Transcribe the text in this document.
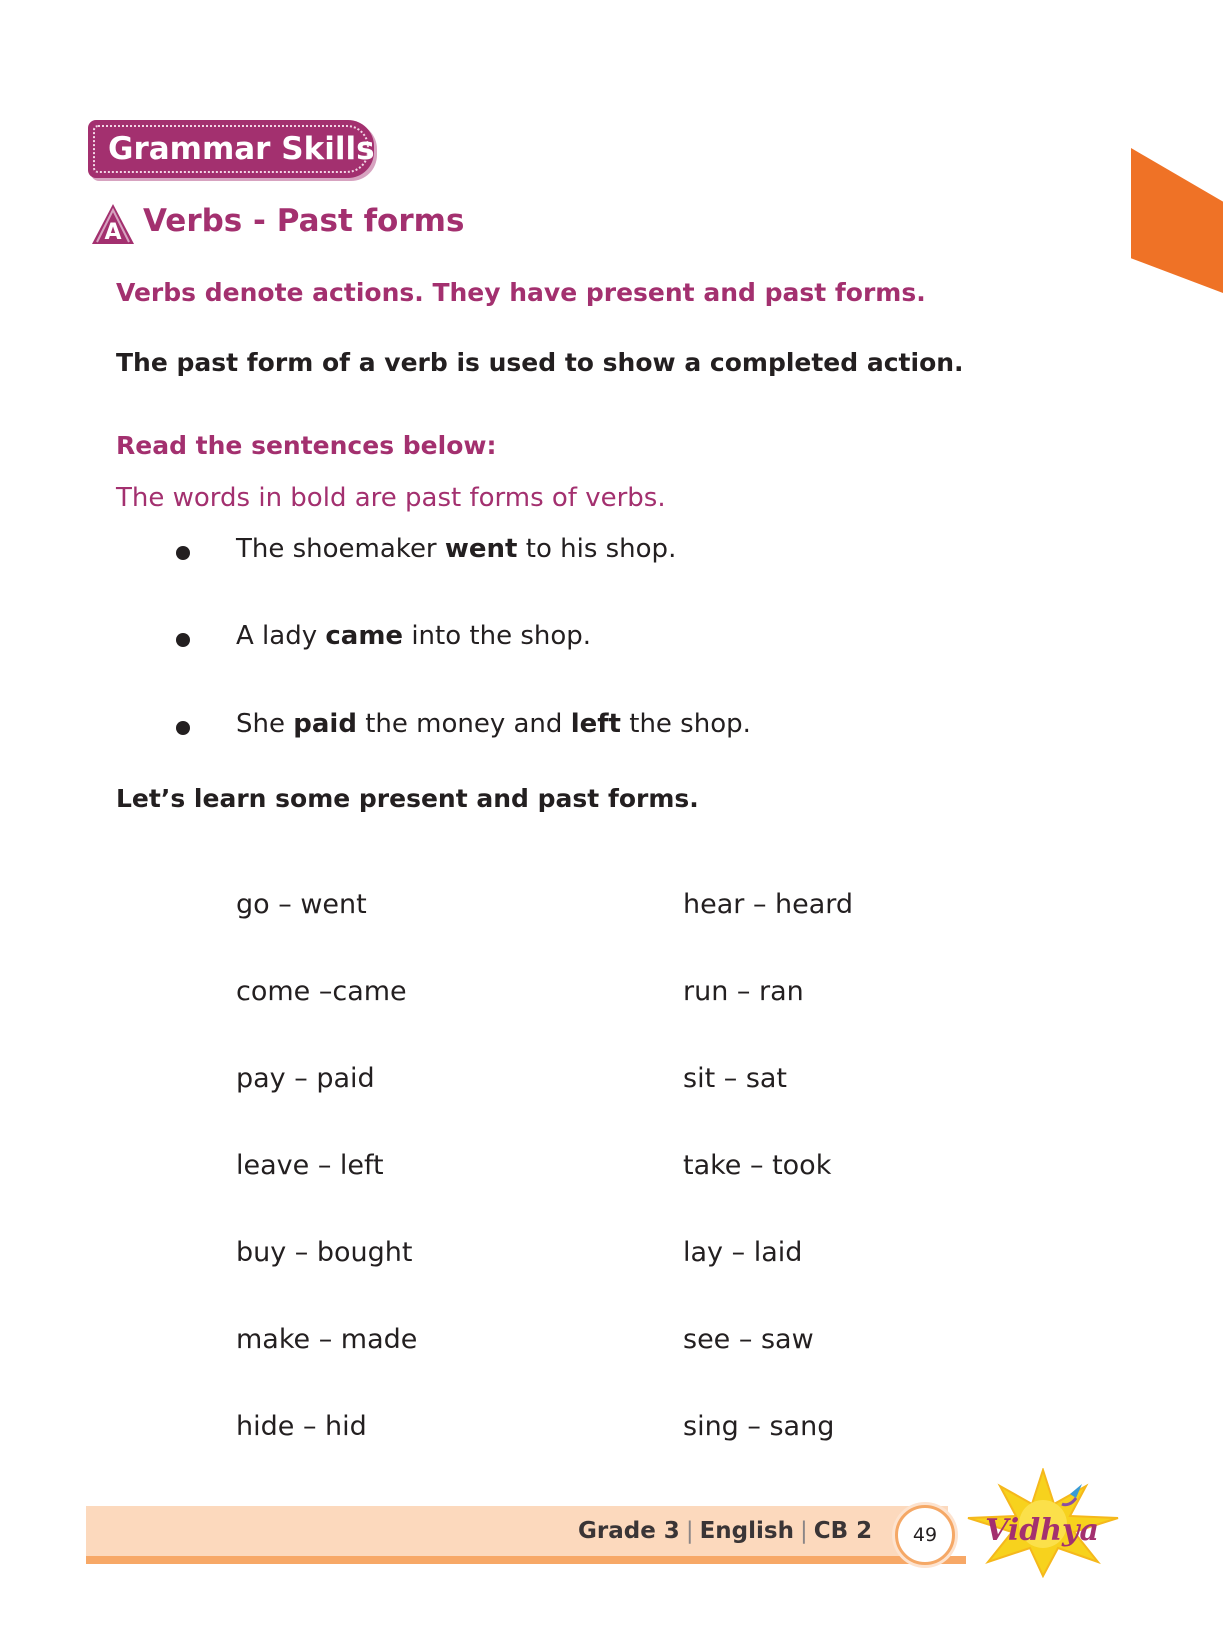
Grammar Skills
A Verbs - Past forms
Verbs denote actions. They have present and past forms.
The past form of a verb is used to show a completed action.
Read the sentences below:
The words in bold are past forms of verbs.
The shoemaker went to his shop.
A lady came into the shop.
She paid the money and left the shop.
Let’s learn some present and past forms.
go – went
come –came
pay – paid
leave – left
buy – bought
make – made
hide – hid
hear – heard
run – ran
sit – sat
take – took
lay – laid
see – saw
sing – sang
Grade 3 | English | CB 2	49	Vidhya
